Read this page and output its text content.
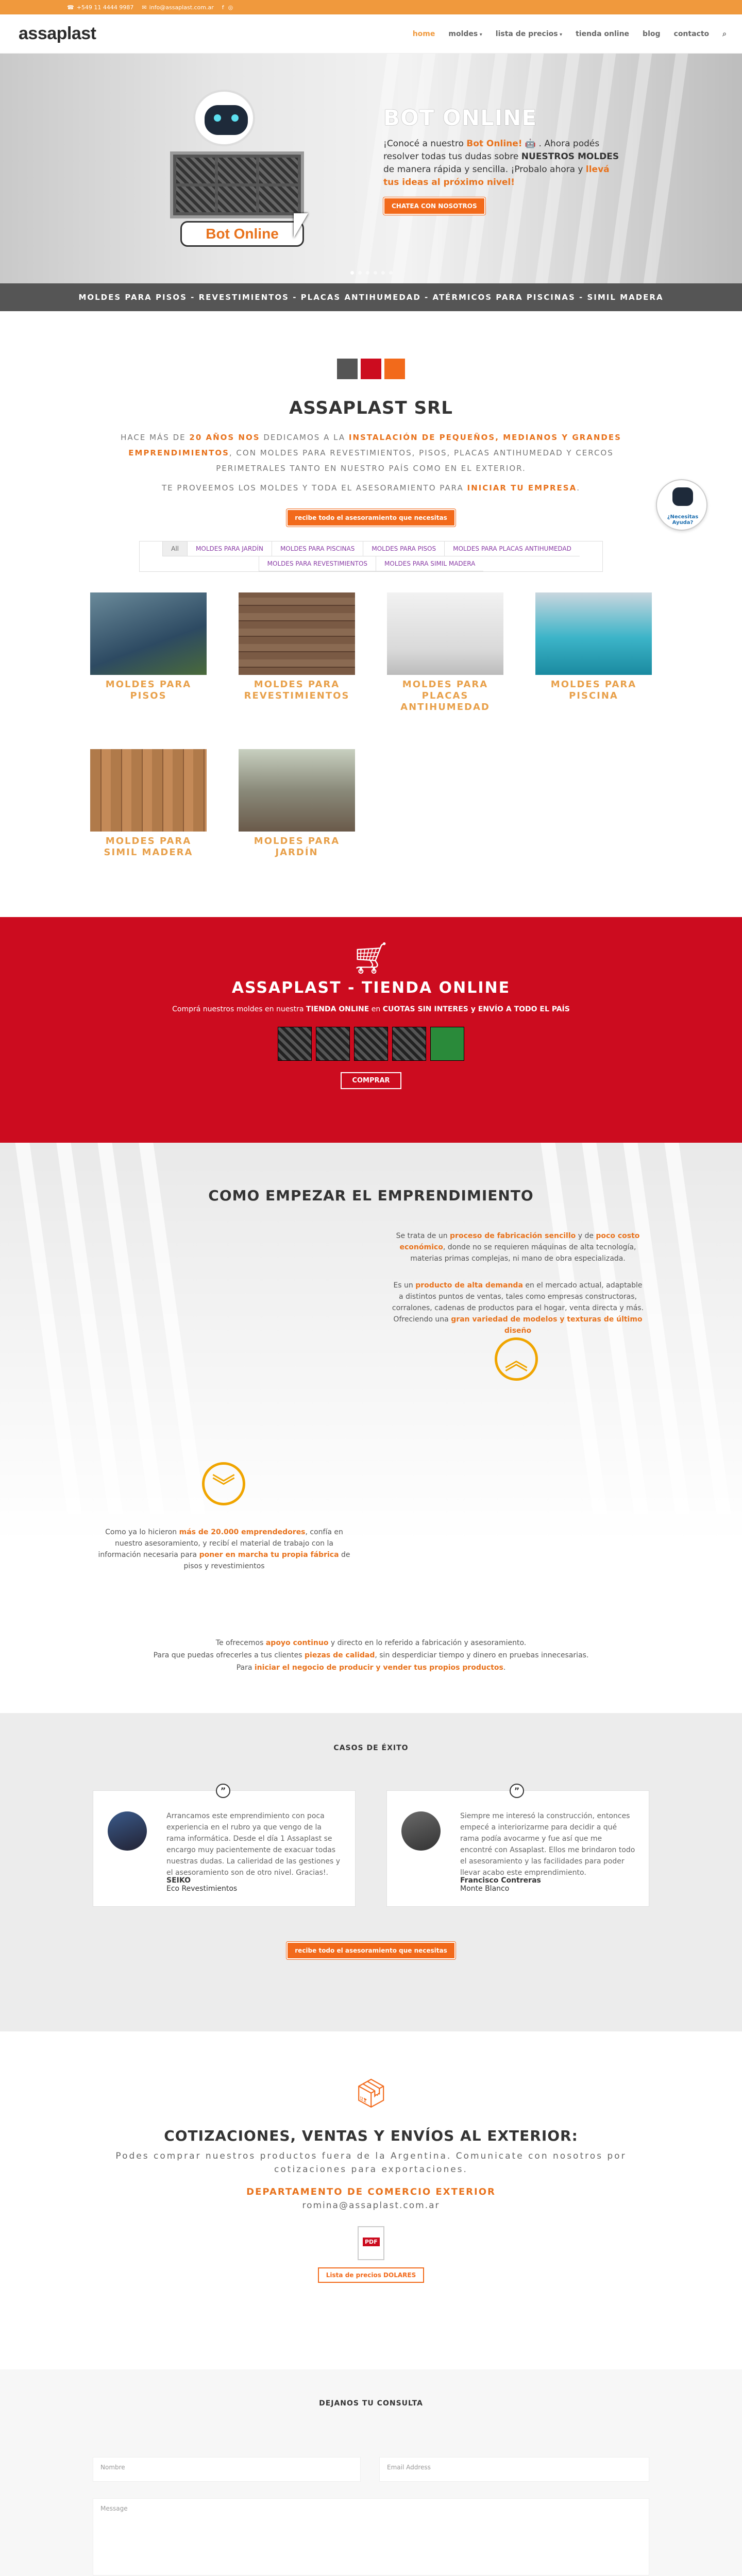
☎ +549 11 4444 9987 ✉ info@assaplast.com.ar f ◎
assaplast	home moldes ▾	lista de precios ▾	tienda online blog contacto ⌕
Bot Online
BOT ONLINE

¡Conocé a nuestro Bot Online! 🤖 . Ahora podés resolver todas tus dudas sobre NUESTROS MOLDES de manera rápida y sencilla. ¡Probalo ahora y llevá tus ideas al próximo nivel!

CHATEA CON NOSOTROS
MOLDES PARA PISOS - REVESTIMIENTOS - PLACAS ANTIHUMEDAD - ATÉRMICOS PARA PISCINAS - SIMIL MADERA
ASSAPLAST SRL

HACE MÁS DE 20 AÑOS NOS DEDICAMOS A LA INSTALACIÓN DE PEQUEÑOS, MEDIANOS Y GRANDES EMPRENDIMIENTOS, CON MOLDES PARA REVESTIMIENTOS, PISOS, PLACAS ANTIHUMEDAD Y CERCOS PERIMETRALES TANTO EN NUESTRO PAÍS COMO EN EL EXTERIOR.

TE PROVEEMOS LOS MOLDES Y TODA EL ASESORAMIENTO PARA INICIAR TU EMPRESA.

recibe todo el asesoramiento que necesitas	¿Necesitas Ayuda?
All	MOLDES PARA JARDÍN	MOLDES PARA PISCINAS	MOLDES PARA PISOS	MOLDES PARA PLACAS ANTIHUMEDAD
MOLDES PARA REVESTIMIENTOS	MOLDES PARA SIMIL MADERA
MOLDES PARA PISOS
MOLDES PARA REVESTIMIENTOS
MOLDES PARA PLACAS ANTIHUMEDAD
MOLDES PARA PISCINA
MOLDES PARA SIMIL MADERA
MOLDES PARA JARDÍN
🛒︎
ASSAPLAST - TIENDA ONLINE

Comprá nuestros moldes en nuestra TIENDA ONLINE en CUOTAS SIN INTERES y ENVÍO A TODO EL PAÍS

COMPRAR
COMO EMPEZAR EL EMPRENDIMIENTO
Se trata de un proceso de fabricación sencillo y de poco costo económico, donde no se requieren máquinas de alta tecnología, materias primas complejas, ni mano de obra especializada.
Es un producto de alta demanda en el mercado actual, adaptable a distintos puntos de ventas, tales como empresas constructoras, corralones, cadenas de productos para el hogar, venta directa y más. Ofreciendo una gran variedad de modelos y texturas de último diseño
︽
︾
Como ya lo hicieron más de 20.000 emprendedores, confía en nuestro asesoramiento, y recibí el material de trabajo con la información necesaria para poner en marcha tu propia fábrica de pisos y revestimientos
Te ofrecemos apoyo continuo y directo en lo referido a fabricación y asesoramiento.
Para que puedas ofrecerles a tus clientes piezas de calidad, sin desperdiciar tiempo y dinero en pruebas innecesarias.
Para iniciar el negocio de producir y vender tus propios productos.
CASOS DE ÉXITO
”
Arrancamos este emprendimiento con poca experiencia en el rubro ya que vengo de la rama informática. Desde el día 1 Assaplast se encargo muy pacientemente de exacuar todas nuestras dudas. La calieridad de las gestiones y el asesoramiento son de otro nivel. Gracias!.
SEIKO
Eco Revestimientos
”
Siempre me interesó la construcción, entonces empecé a interiorizarme para decidir a qué rama podía avocarme y fue así que me encontré con Assaplast. Ellos me brindaron todo el asesoramiento y las facilidades para poder llevar acabo este emprendimiento.
Francisco Contreras
Monte Blanco
recibe todo el asesoramiento que necesitas
📦︎
COTIZACIONES, VENTAS Y ENVÍOS AL EXTERIOR:
Podes comprar nuestros productos fuera de la Argentina. Comunicate con nosotros por cotizaciones para exportaciones.
DEPARTAMENTO DE COMERCIO EXTERIOR
romina@assaplast.com.ar
PDF
Lista de precios DOLARES
DEJANOS TU CONSULTA
Nombre	Email Address
Message
